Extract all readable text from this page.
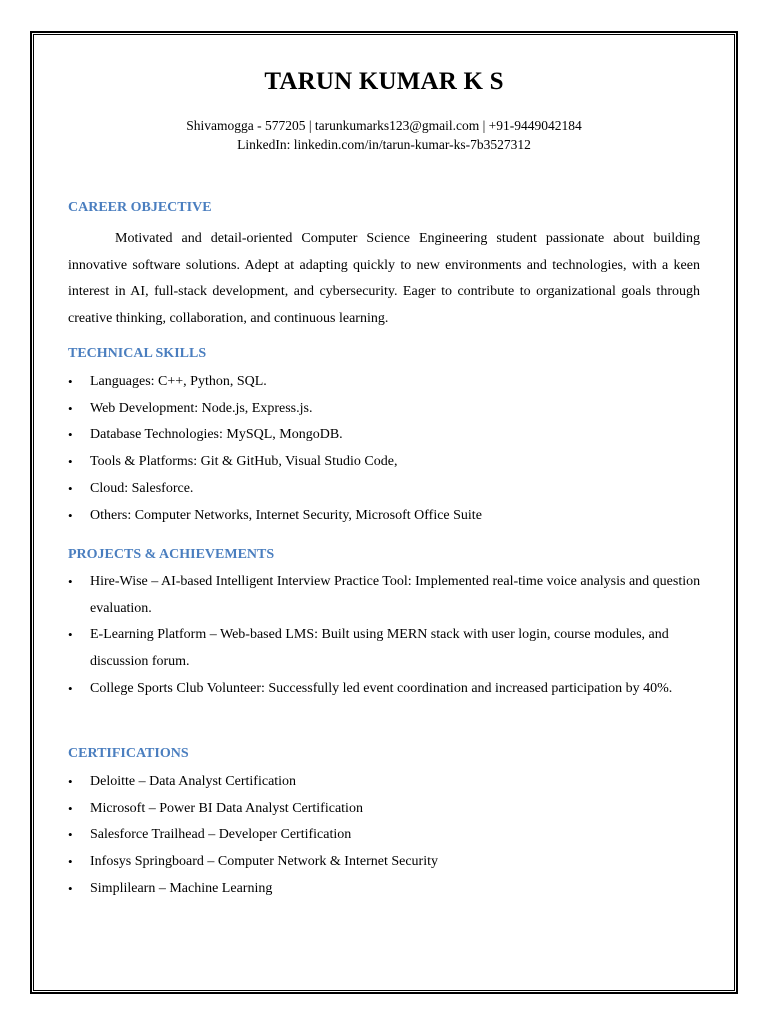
TARUN KUMAR K S
Shivamogga - 577205 | tarunkumarks123@gmail.com | +91-9449042184
LinkedIn: linkedin.com/in/tarun-kumar-ks-7b3527312
CAREER OBJECTIVE
Motivated and detail-oriented Computer Science Engineering student passionate about building innovative software solutions. Adept at adapting quickly to new environments and technologies, with a keen interest in AI, full-stack development, and cybersecurity. Eager to contribute to organizational goals through creative thinking, collaboration, and continuous learning.
TECHNICAL SKILLS
• Languages: C++, Python, SQL.
• Web Development: Node.js, Express.js.
• Database Technologies: MySQL, MongoDB.
• Tools & Platforms: Git & GitHub, Visual Studio Code,
• Cloud: Salesforce.
• Others: Computer Networks, Internet Security, Microsoft Office Suite
PROJECTS & ACHIEVEMENTS
• Hire-Wise – AI-based Intelligent Interview Practice Tool: Implemented real-time voice analysis and question evaluation.
• E-Learning Platform – Web-based LMS: Built using MERN stack with user login, course modules, and discussion forum.
• College Sports Club Volunteer: Successfully led event coordination and increased participation by 40%.
CERTIFICATIONS
• Deloitte – Data Analyst Certification
• Microsoft – Power BI Data Analyst Certification
• Salesforce Trailhead – Developer Certification
• Infosys Springboard – Computer Network & Internet Security
• Simplilearn – Machine Learning
